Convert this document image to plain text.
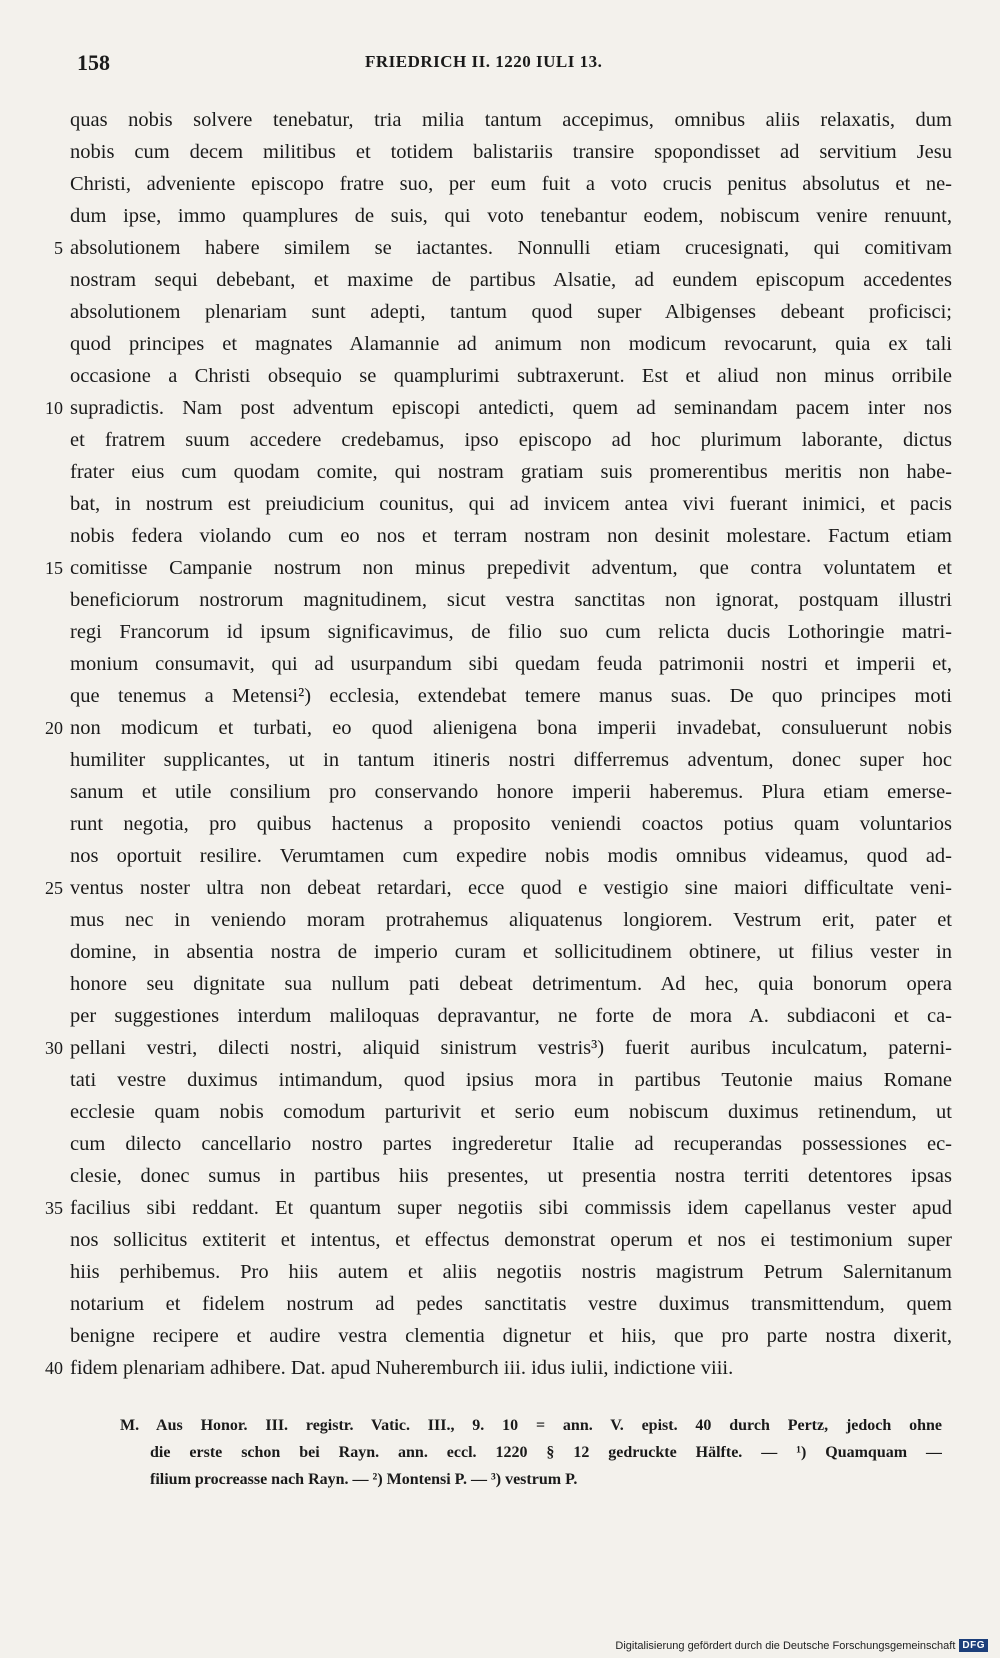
158	FRIEDRICH II. 1220 IULI 13.
quas nobis solvere tenebatur, tria milia tantum accepimus, omnibus aliis relaxatis, dum
nobis cum decem militibus et totidem balistariis transire spopondisset ad servitium Jesu
Christi, adveniente episcopo fratre suo, per eum fuit a voto crucis penitus absolutus et ne-
dum ipse, immo quamplures de suis, qui voto tenebantur eodem, nobiscum venire renuunt,
5 absolutionem habere similem se iactantes. Nonnulli etiam crucesignati, qui comitivam
nostram sequi debebant, et maxime de partibus Alsatie, ad eundem episcopum accedentes
absolutionem plenariam sunt adepti, tantum quod super Albigenses debeant proficisci;
quod principes et magnates Alamannie ad animum non modicum revocarunt, quia ex tali
occasione a Christi obsequio se quamplurimi subtraxerunt. Est et aliud non minus orribile
10 supradictis. Nam post adventum episcopi antedicti, quem ad seminandam pacem inter nos
et fratrem suum accedere credebamus, ipso episcopo ad hoc plurimum laborante, dictus
frater eius cum quodam comite, qui nostram gratiam suis promerentibus meritis non habe-
bat, in nostrum est preiudicium counitus, qui ad invicem antea vivi fuerant inimici, et pacis
nobis federa violando cum eo nos et terram nostram non desinit molestare. Factum etiam
15 comitisse Campanie nostrum non minus prepedivit adventum, que contra voluntatem et
beneficiorum nostrorum magnitudinem, sicut vestra sanctitas non ignorat, postquam illustri
regi Francorum id ipsum significavimus, de filio suo cum relicta ducis Lothoringie matri-
monium consumavit, qui ad usurpandum sibi quedam feuda patrimonii nostri et imperii et,
que tenemus a Metensi²) ecclesia, extendebat temere manus suas. De quo principes moti
20 non modicum et turbati, eo quod alienigena bona imperii invadebat, consuluerunt nobis
humiliter supplicantes, ut in tantum itineris nostri differremus adventum, donec super hoc
sanum et utile consilium pro conservando honore imperii haberemus. Plura etiam emerse-
runt negotia, pro quibus hactenus a proposito veniendi coactos potius quam voluntarios
nos oportuit resilire. Verumtamen cum expedire nobis modis omnibus videamus, quod ad-
25 ventus noster ultra non debeat retardari, ecce quod e vestigio sine maiori difficultate veni-
mus nec in veniendo moram protrahemus aliquatenus longiorem. Vestrum erit, pater et
domine, in absentia nostra de imperio curam et sollicitudinem obtinere, ut filius vester in
honore seu dignitate sua nullum pati debeat detrimentum. Ad hec, quia bonorum opera
per suggestiones interdum maliloquas depravantur, ne forte de mora A. subdiaconi et ca-
30 pellani vestri, dilecti nostri, aliquid sinistrum vestris³) fuerit auribus inculcatum, paterni-
tati vestre duximus intimandum, quod ipsius mora in partibus Teutonie maius Romane
ecclesie quam nobis comodum parturivit et serio eum nobiscum duximus retinendum, ut
cum dilecto cancellario nostro partes ingrederetur Italie ad recuperandas possessiones ec-
clesie, donec sumus in partibus hiis presentes, ut presentia nostra territi detentores ipsas
35 facilius sibi reddant. Et quantum super negotiis sibi commissis idem capellanus vester apud
nos sollicitus extiterit et intentus, et effectus demonstrat operum et nos ei testimonium super
hiis perhibemus. Pro hiis autem et aliis negotiis nostris magistrum Petrum Salernitanum
notarium et fidelem nostrum ad pedes sanctitatis vestre duximus transmittendum, quem
benigne recipere et audire vestra clementia dignetur et hiis, que pro parte nostra dixerit,
40 fidem plenariam adhibere. Dat. apud Nuheremburch iii. idus iulii, indictione viii.
M. Aus Honor. III. registr. Vatic. III., 9. 10 = ann. V. epist. 40 durch Pertz, jedoch ohne
die erste schon bei Rayn. ann. eccl. 1220 § 12 gedruckte Hälfte. — ¹) Quamquam —
filium procreasse nach Rayn. — ²) Montensi P. — ³) vestrum P.
Digitalisierung gefördert durch die Deutsche Forschungsgemeinschaft DFG
